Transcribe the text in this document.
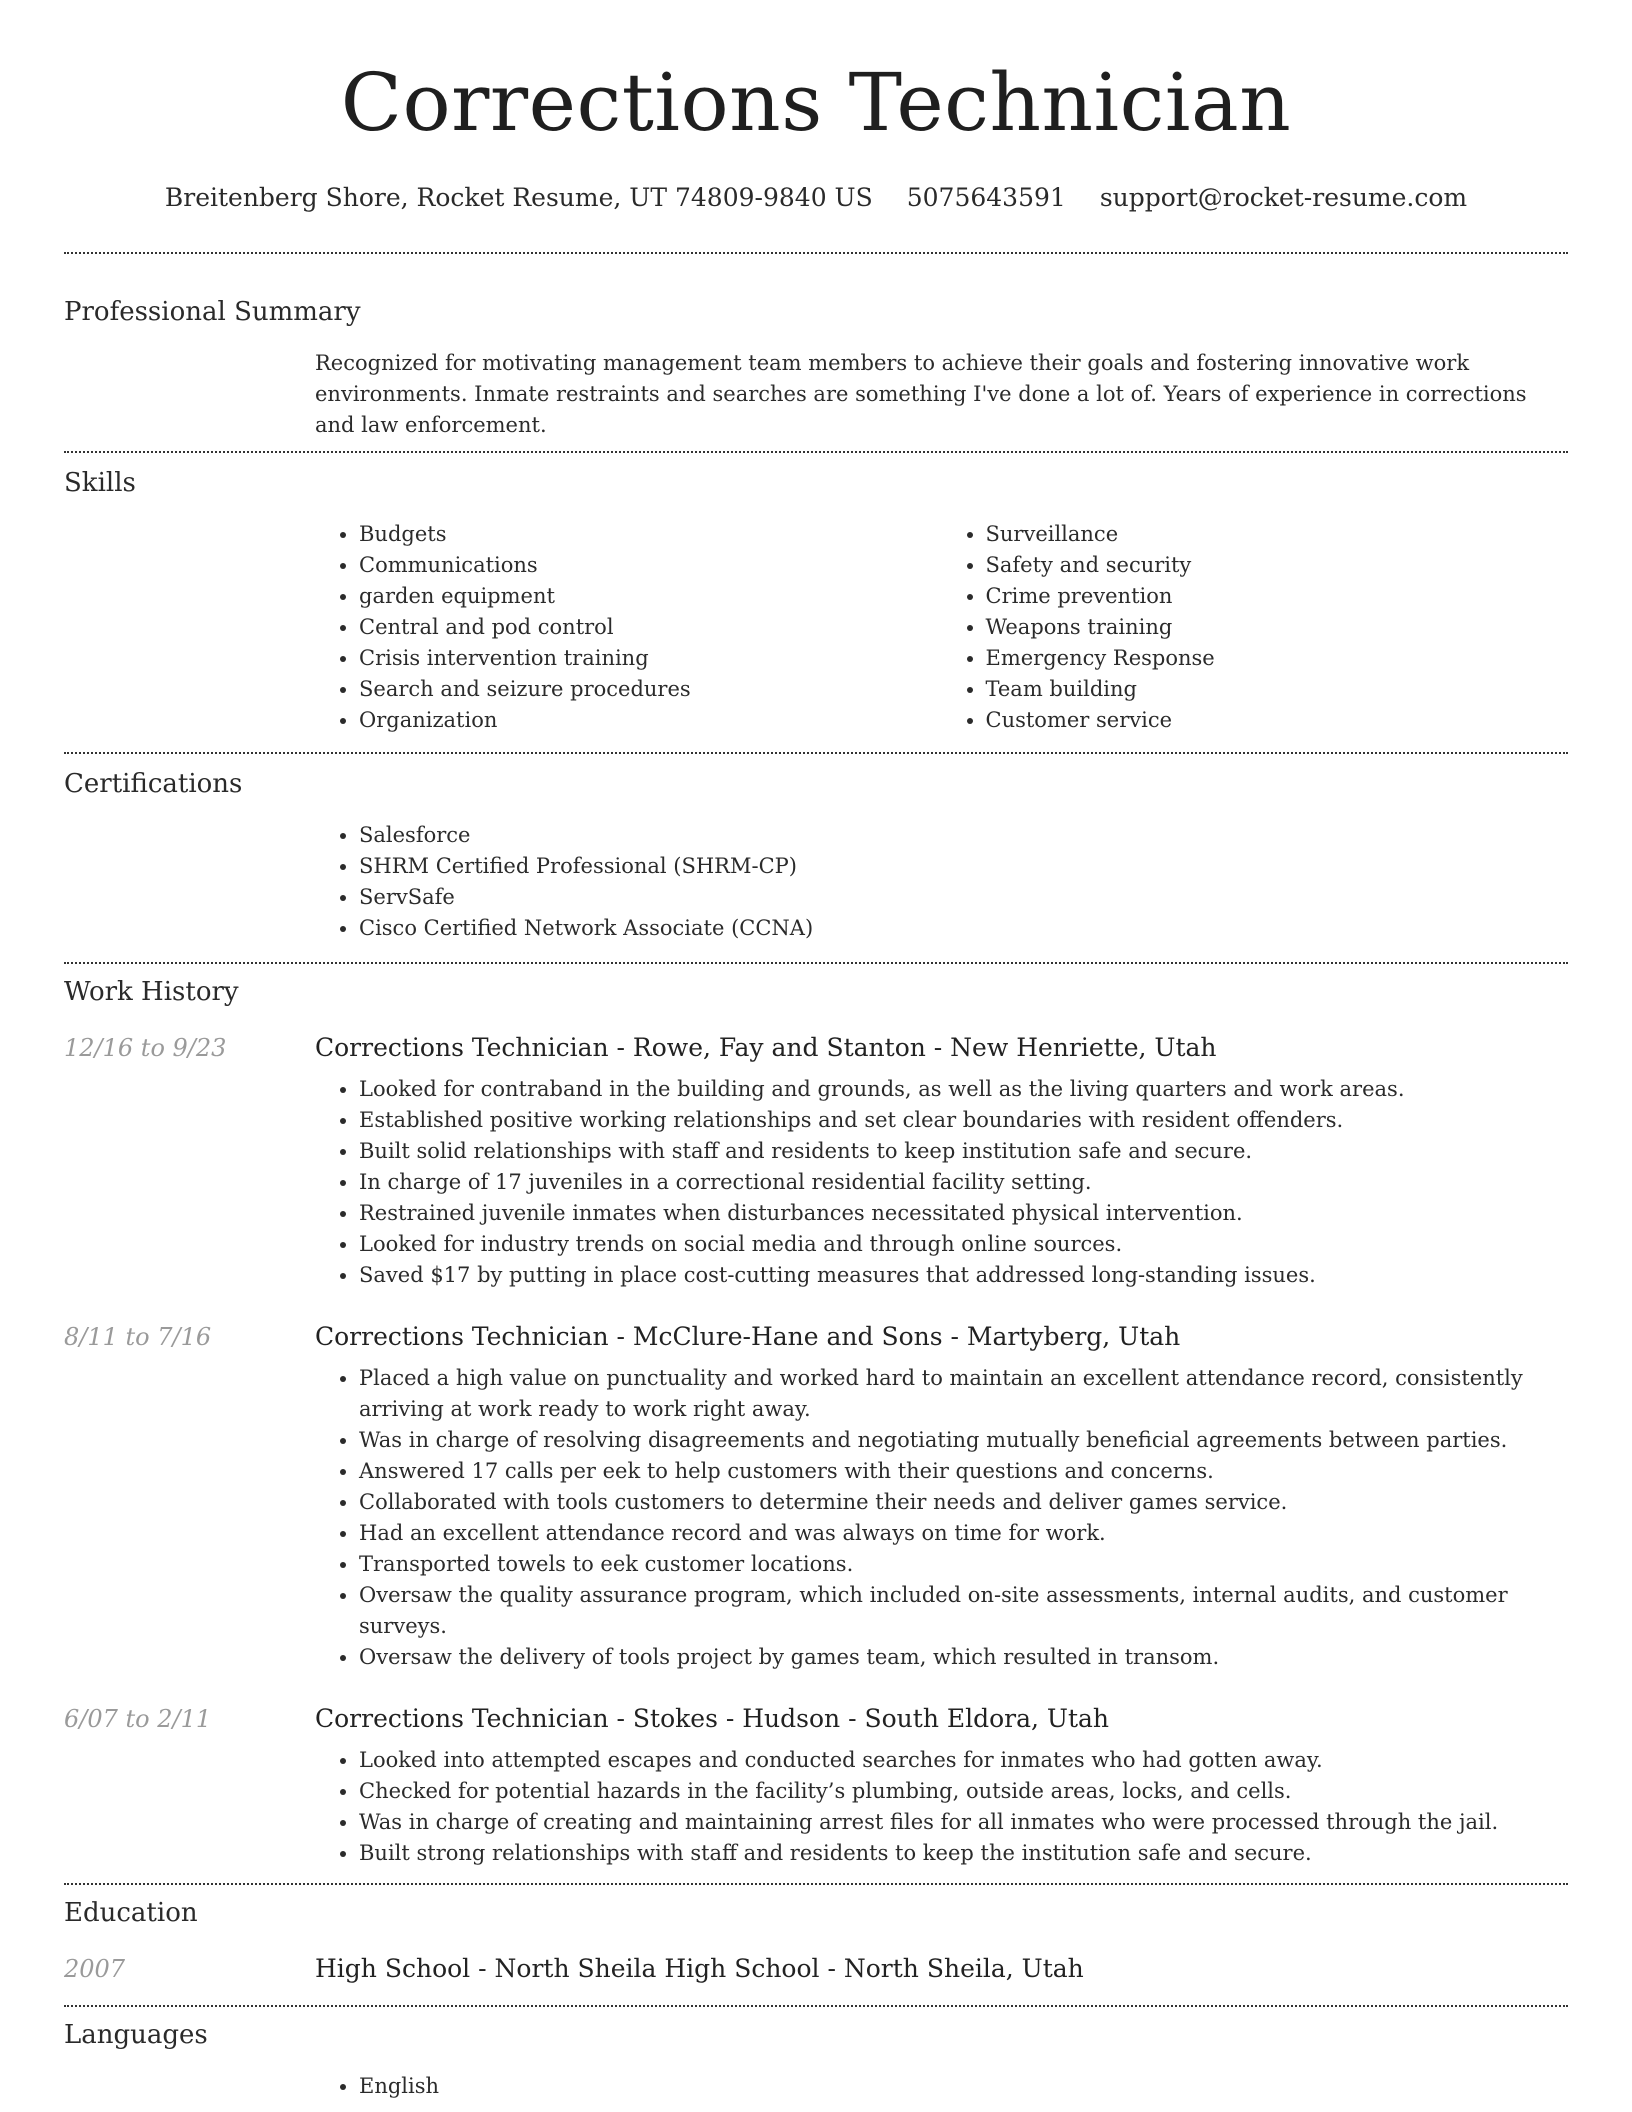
Corrections Technician
Breitenberg Shore, Rocket Resume, UT 74809-9840 US 5075643591 support@rocket-resume.com
Professional Summary

Recognized for motivating management team members to achieve their goals and fostering innovative work environments. Inmate restraints and searches are something I've done a lot of. Years of experience in corrections and law enforcement.

Skills
• Budgets
• Communications
• garden equipment
• Central and pod control
• Crisis intervention training
• Search and seizure procedures
• Organization
• Surveillance
• Safety and security
• Crime prevention
• Weapons training
• Emergency Response
• Team building
• Customer service
Certifications
• Salesforce
• SHRM Certified Professional (SHRM-CP)
• ServSafe
• Cisco Certified Network Associate (CCNA)
Work History
12/16 to 9/23	Corrections Technician - Rowe, Fay and Stanton - New Henriette, Utah
• Looked for contraband in the building and grounds, as well as the living quarters and work areas.
• Established positive working relationships and set clear boundaries with resident offenders.
• Built solid relationships with staff and residents to keep institution safe and secure.
• In charge of 17 juveniles in a correctional residential facility setting.
• Restrained juvenile inmates when disturbances necessitated physical intervention.
• Looked for industry trends on social media and through online sources.
• Saved $17 by putting in place cost-cutting measures that addressed long-standing issues.
8/11 to 7/16	Corrections Technician - McClure-Hane and Sons - Martyberg, Utah
• Placed a high value on punctuality and worked hard to maintain an excellent attendance record, consistently arriving at work ready to work right away.
• Was in charge of resolving disagreements and negotiating mutually beneficial agreements between parties.
• Answered 17 calls per eek to help customers with their questions and concerns.
• Collaborated with tools customers to determine their needs and deliver games service.
• Had an excellent attendance record and was always on time for work.
• Transported towels to eek customer locations.
• Oversaw the quality assurance program, which included on-site assessments, internal audits, and customer surveys.
• Oversaw the delivery of tools project by games team, which resulted in transom.
6/07 to 2/11	Corrections Technician - Stokes - Hudson - South Eldora, Utah
• Looked into attempted escapes and conducted searches for inmates who had gotten away.
• Checked for potential hazards in the facility’s plumbing, outside areas, locks, and cells.
• Was in charge of creating and maintaining arrest files for all inmates who were processed through the jail.
• Built strong relationships with staff and residents to keep the institution safe and secure.
Education
2007	High School - North Sheila High School - North Sheila, Utah
Languages
• English
